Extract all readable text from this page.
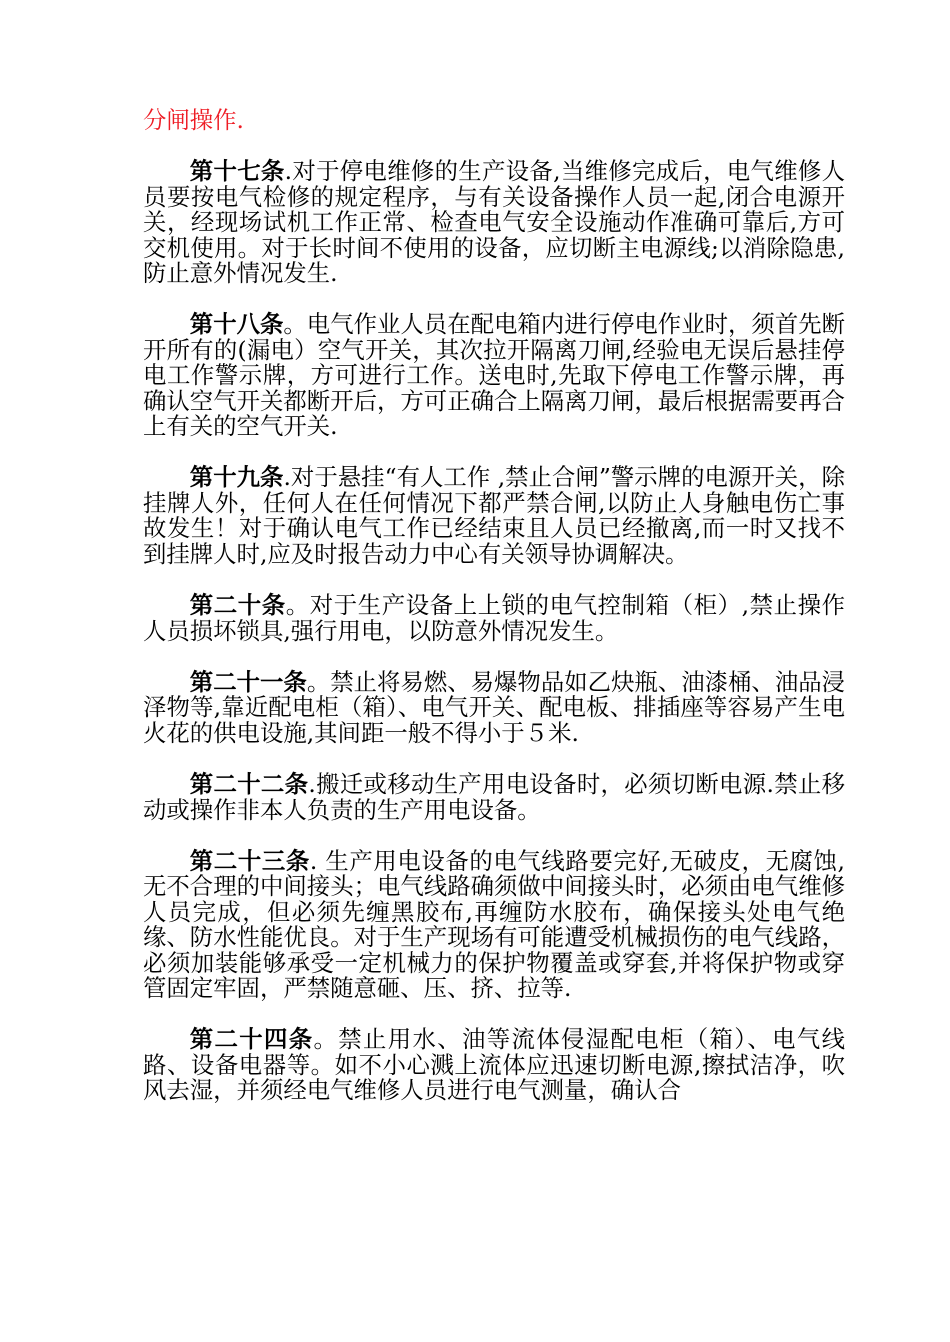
分闸操作.

第十七条.对于停电维修的生产设备,当维修完成后，电气维修人员要按电气检修的规定程序，与有关设备操作人员一起,闭合电源开关，经现场试机工作正常、检查电气安全设施动作准确可靠后,方可交机使用。对于长时间不使用的设备，应切断主电源线;以消除隐患,防止意外情况发生.

第十八条。电气作业人员在配电箱内进行停电作业时，须首先断开所有的(漏电）空气开关，其次拉开隔离刀闸,经验电无误后悬挂停电工作警示牌，方可进行工作。送电时,先取下停电工作警示牌，再确认空气开关都断开后，方可正确合上隔离刀闸，最后根据需要再合上有关的空气开关.

第十九条.对于悬挂“有人工作 ,禁止合闸”警示牌的电源开关，除挂牌人外，任何人在任何情况下都严禁合闸,以防止人身触电伤亡事故发生！对于确认电气工作已经结束且人员已经撤离,而一时又找不到挂牌人时,应及时报告动力中心有关领导协调解决。

第二十条。对于生产设备上上锁的电气控制箱（柜）,禁止操作人员损坏锁具,强行用电，以防意外情况发生。

第二十一条。禁止将易燃、易爆物品如乙炔瓶、油漆桶、油品浸泽物等,靠近配电柜（箱）、电气开关、配电板、排插座等容易产生电火花的供电设施,其间距一般不得小于５米.

第二十二条.搬迁或移动生产用电设备时，必须切断电源.禁止移动或操作非本人负责的生产用电设备。

第二十三条. 生产用电设备的电气线路要完好,无破皮，无腐蚀,无不合理的中间接头；电气线路确须做中间接头时，必须由电气维修人员完成，但必须先缠黑胶布,再缠防水胶布，确保接头处电气绝缘、防水性能优良。对于生产现场有可能遭受机械损伤的电气线路，必须加装能够承受一定机械力的保护物覆盖或穿套,并将保护物或穿管固定牢固，严禁随意砸、压、挤、拉等.

第二十四条。禁止用水、油等流体侵湿配电柜（箱）、电气线路、设备电器等。如不小心溅上流体应迅速切断电源,擦拭洁净，吹风去湿，并须经电气维修人员进行电气测量，确认合
